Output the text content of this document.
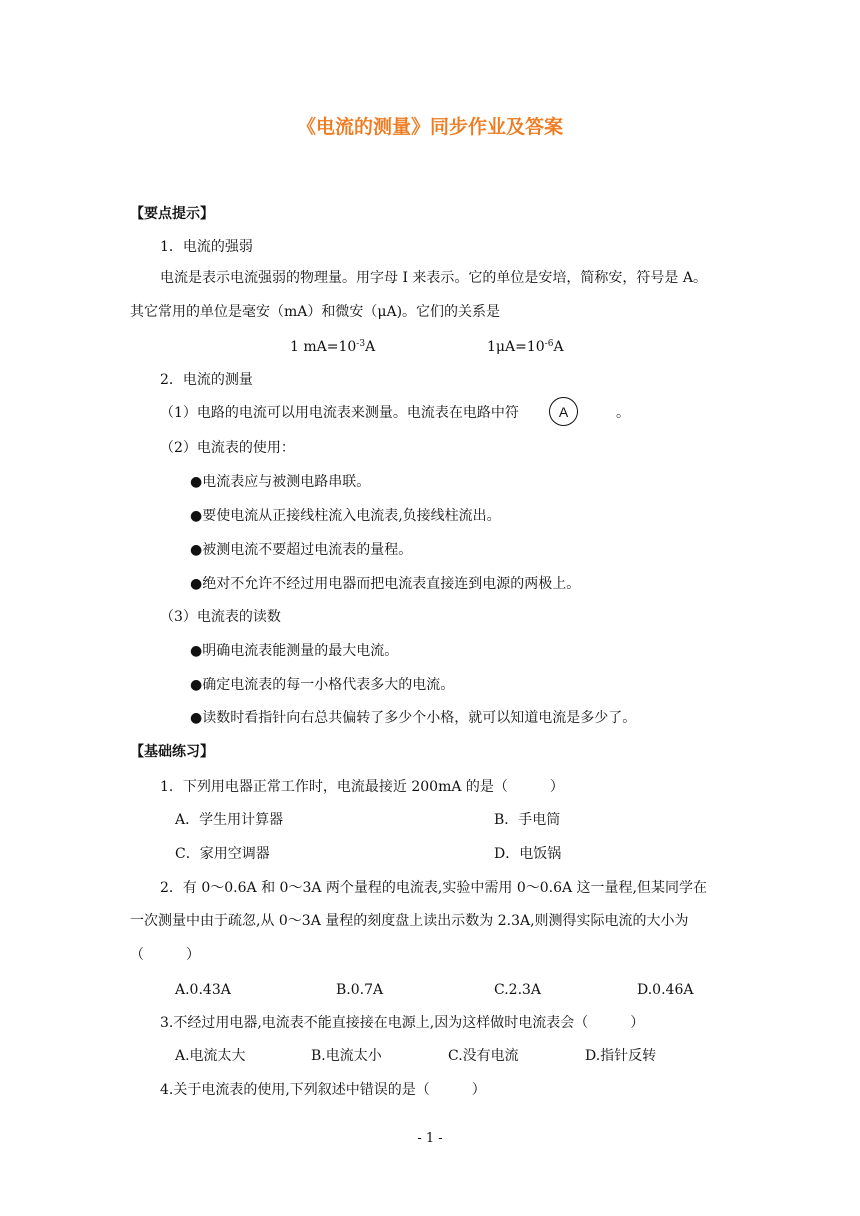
《电流的测量》同步作业及答案
【要点提示】
1．电流的强弱
电流是表示电流强弱的物理量。用字母 I 来表示。它的单位是安培，简称安，符号是 A。
其它常用的单位是毫安（mA）和微安（μA)。它们的关系是
1 $mA=10^{-3}A$	$1\mu A=10^{-6}A$
2．电流的测量
（1）电路的电流可以用电流表来测量。电流表在电路中符	A	。
（2）电流表的使用：
●电流表应与被测电路串联。
●要使电流从正接线柱流入电流表,负接线柱流出。
●被测电流不要超过电流表的量程。
●绝对不允许不经过用电器而把电流表直接连到电源的两极上。
（3）电流表的读数
●明确电流表能测量的最大电流。
●确定电流表的每一小格代表多大的电流。
●读数时看指针向右总共偏转了多少个小格，就可以知道电流是多少了。
【基础练习】
1．下列用电器正常工作时，电流最接近 200mA 的是（　　　）
A．学生用计算器	B．手电筒
C．家用空调器	D．电饭锅
2．有 0～0.6A 和 0～3A 两个量程的电流表,实验中需用 0～0.6A 这一量程,但某同学在
一次测量中由于疏忽,从 0～3A 量程的刻度盘上读出示数为 2.3A,则测得实际电流的大小为
（　　　）
A.0.43A	B.0.7A	C.2.3A	D.0.46A
3.不经过用电器,电流表不能直接接在电源上,因为这样做时电流表会（　　　）
A.电流太大	B.电流太小	C.没有电流	D.指针反转
4.关于电流表的使用,下列叙述中错误的是（　　　）
- 1 -
